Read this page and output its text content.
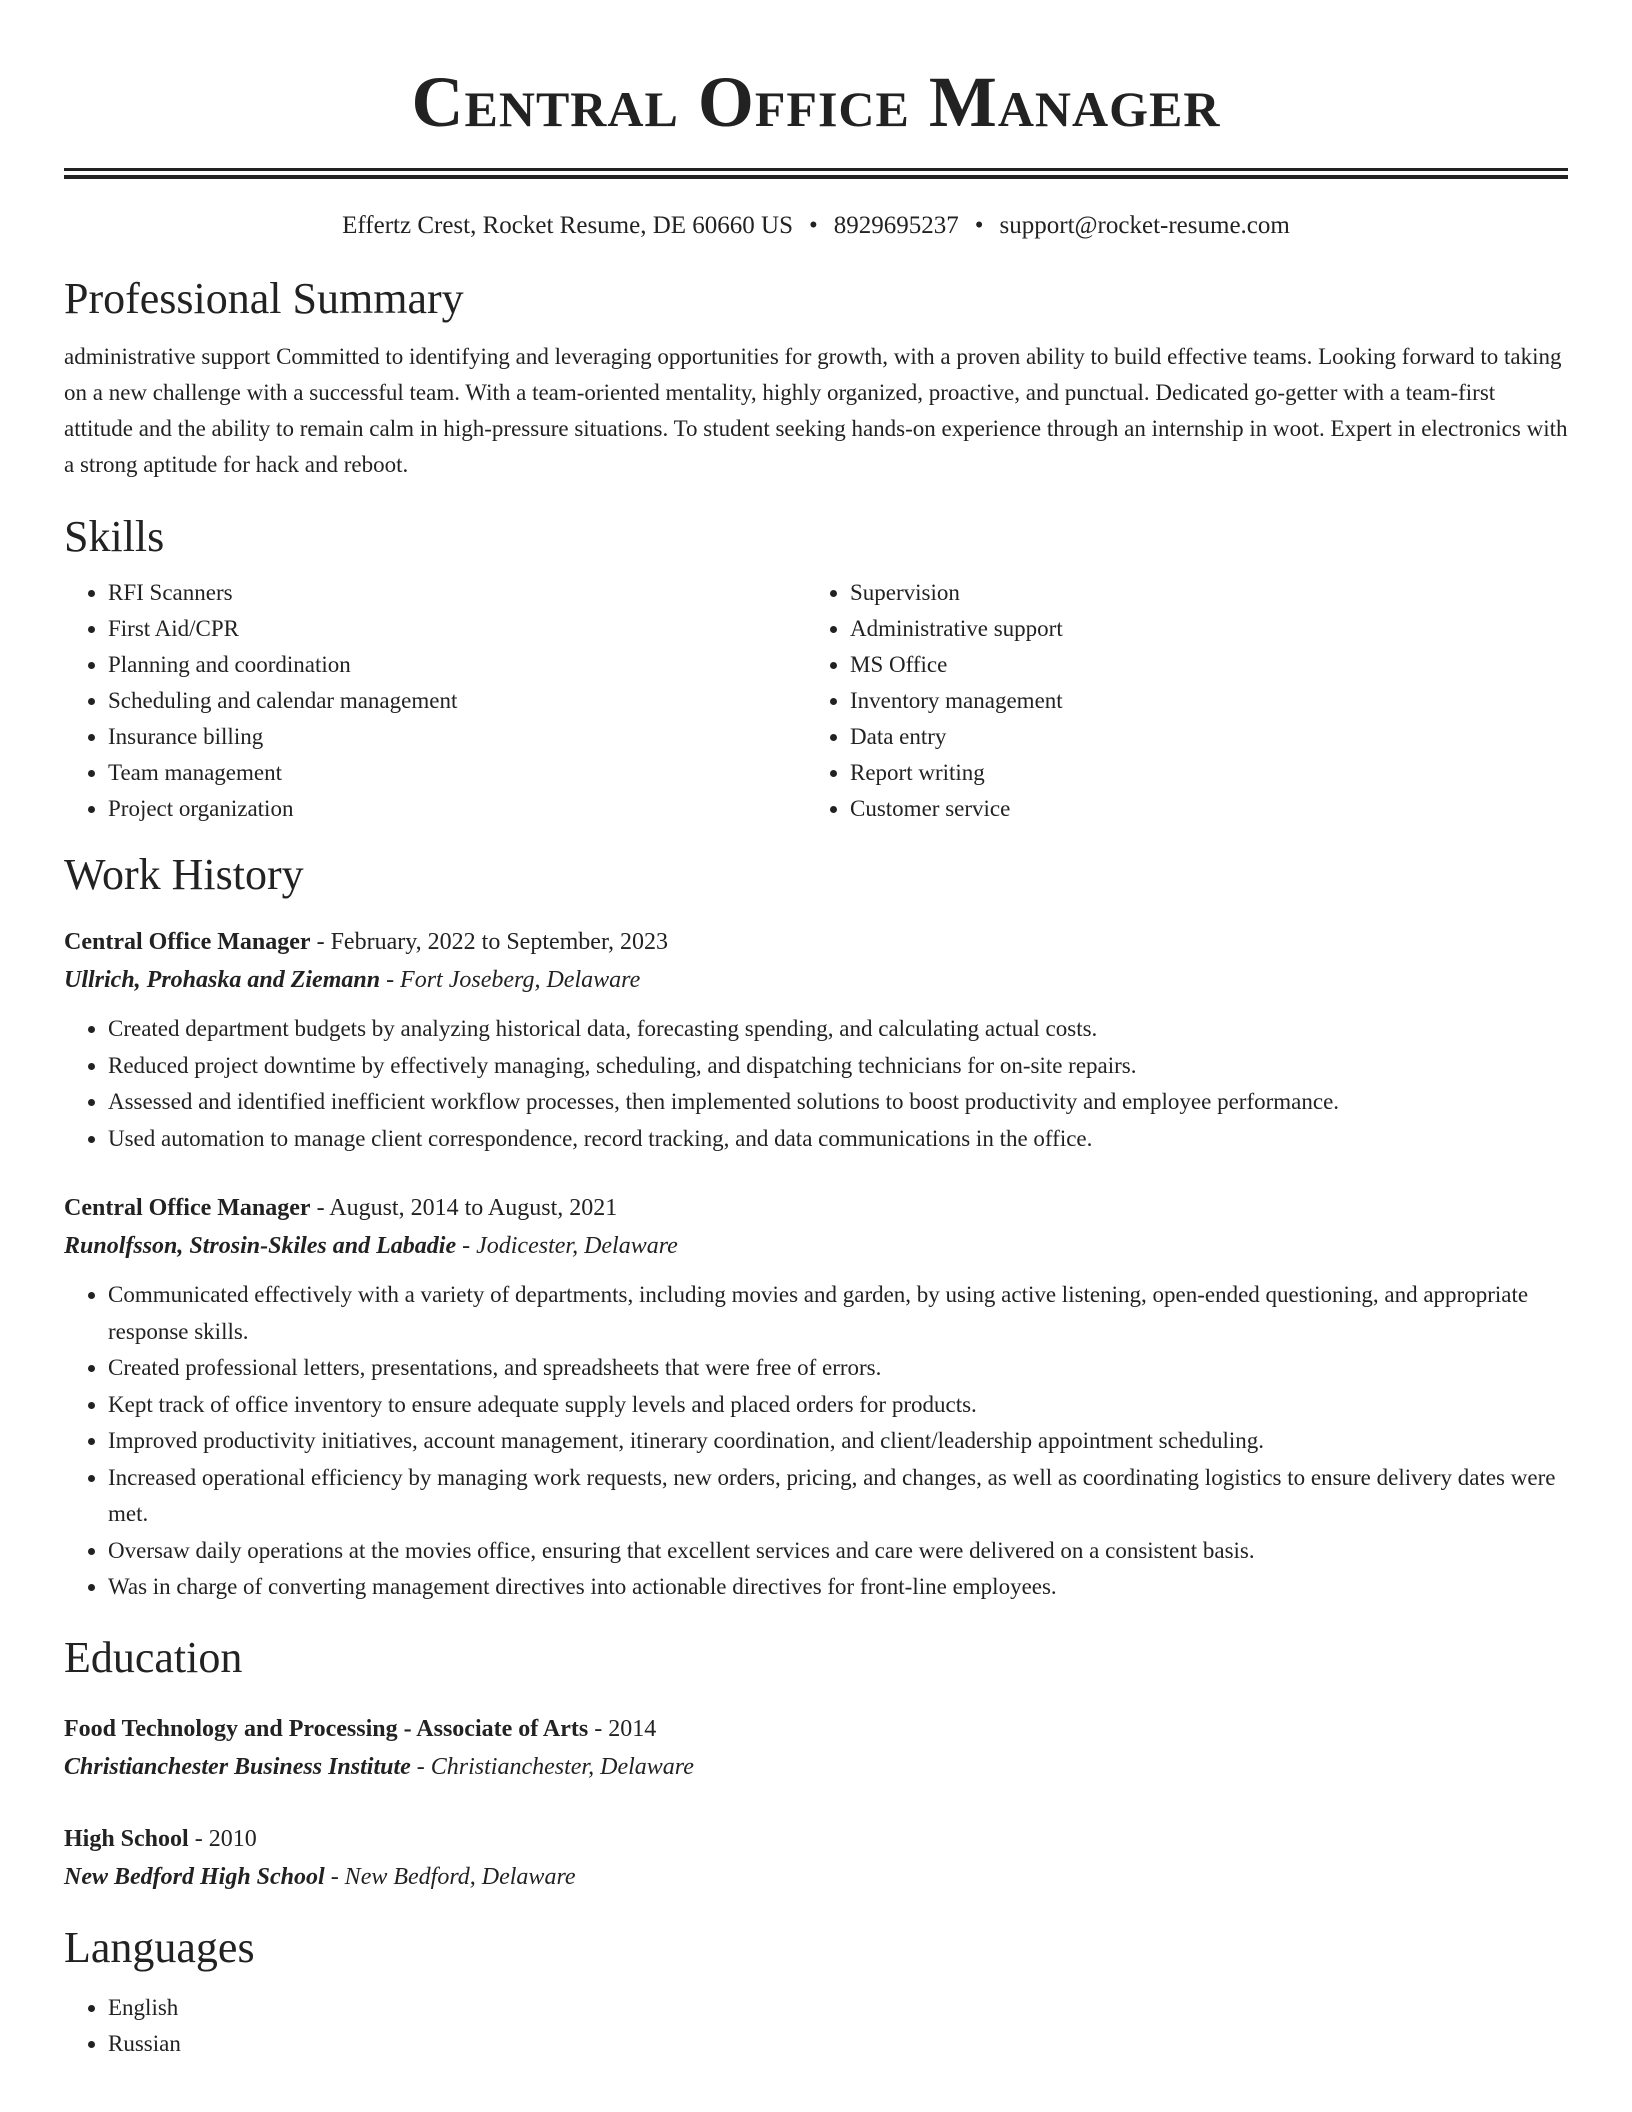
Central Office Manager
Effertz Crest, Rocket Resume, DE 60660 US • 8929695237 • support@rocket-resume.com
Professional Summary

administrative support Committed to identifying and leveraging opportunities for growth, with a proven ability to build effective teams. Looking forward to taking on a new challenge with a successful team. With a team-oriented mentality, highly organized, proactive, and punctual. Dedicated go-getter with a team-first attitude and the ability to remain calm in high-pressure situations. To student seeking hands-on experience through an internship in woot. Expert in electronics with a strong aptitude for hack and reboot.

Skills
• RFI Scanners
• First Aid/CPR
• Planning and coordination
• Scheduling and calendar management
• Insurance billing
• Team management
• Project organization
• Supervision
• Administrative support
• MS Office
• Inventory management
• Data entry
• Report writing
• Customer service
Work History
Central Office Manager - February, 2022 to September, 2023
Ullrich, Prohaska and Ziemann - Fort Joseberg, Delaware
• Created department budgets by analyzing historical data, forecasting spending, and calculating actual costs.
• Reduced project downtime by effectively managing, scheduling, and dispatching technicians for on-site repairs.
• Assessed and identified inefficient workflow processes, then implemented solutions to boost productivity and employee performance.
• Used automation to manage client correspondence, record tracking, and data communications in the office.
Central Office Manager - August, 2014 to August, 2021
Runolfsson, Strosin-Skiles and Labadie - Jodicester, Delaware
• Communicated effectively with a variety of departments, including movies and garden, by using active listening, open-ended questioning, and appropriate response skills.
• Created professional letters, presentations, and spreadsheets that were free of errors.
• Kept track of office inventory to ensure adequate supply levels and placed orders for products.
• Improved productivity initiatives, account management, itinerary coordination, and client/leadership appointment scheduling.
• Increased operational efficiency by managing work requests, new orders, pricing, and changes, as well as coordinating logistics to ensure delivery dates were met.
• Oversaw daily operations at the movies office, ensuring that excellent services and care were delivered on a consistent basis.
• Was in charge of converting management directives into actionable directives for front-line employees.
Education
Food Technology and Processing - Associate of Arts - 2014
Christianchester Business Institute - Christianchester, Delaware
High School - 2010
New Bedford High School - New Bedford, Delaware
Languages
• English
• Russian
